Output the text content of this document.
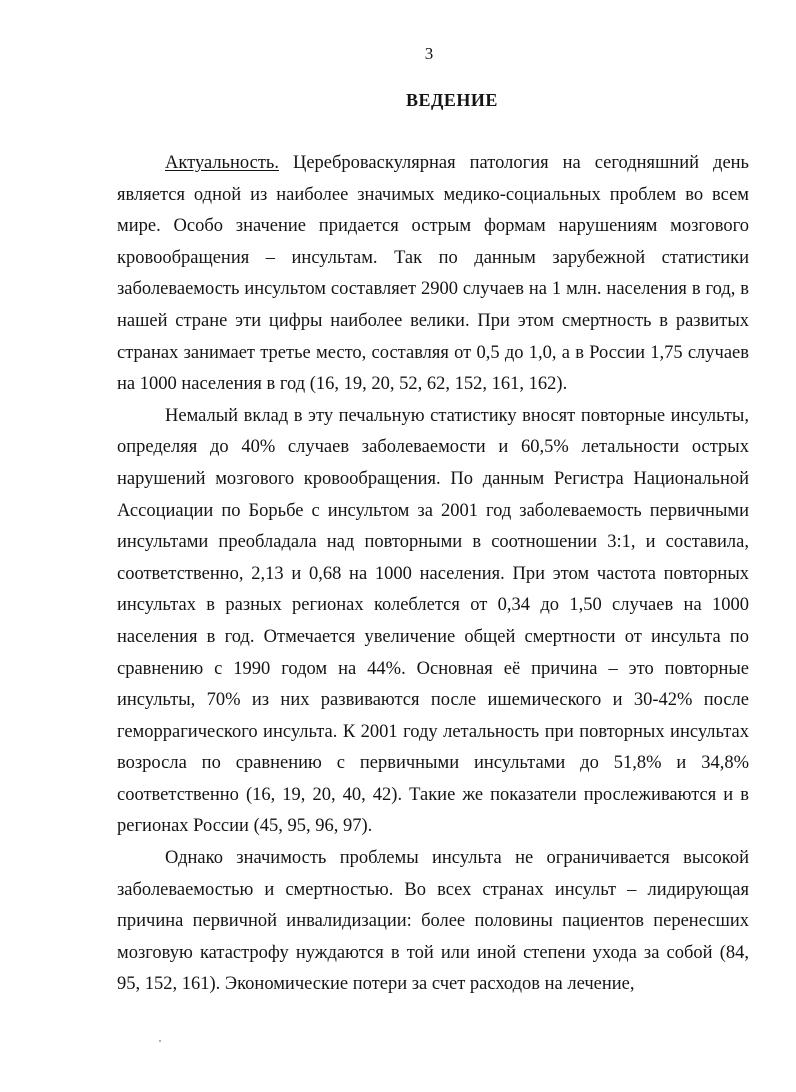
3
ВЕДЕНИЕ

Актуальность. Цереброваскулярная патология на сегодняшний день является одной из наиболее значимых медико-социальных проблем во всем мире. Особо значение придается острым формам нарушениям мозгового кровообращения – инсультам. Так по данным зарубежной статистики заболеваемость инсультом составляет 2900 случаев на 1 млн. населения в год, в нашей стране эти цифры наиболее велики. При этом смертность в развитых странах занимает третье место, составляя от 0,5 до 1,0, а в России 1,75 случаев на 1000 населения в год (16, 19, 20, 52, 62, 152, 161, 162).

Немалый вклад в эту печальную статистику вносят повторные инсульты, определяя до 40% случаев заболеваемости и 60,5% летальности острых нарушений мозгового кровообращения. По данным Регистра Национальной Ассоциации по Борьбе с инсультом за 2001 год заболеваемость первичными инсультами преобладала над повторными в соотношении 3:1, и составила, соответственно, 2,13 и 0,68 на 1000 населения. При этом частота повторных инсультах в разных регионах колеблется от 0,34 до 1,50 случаев на 1000 населения в год. Отмечается увеличение общей смертности от инсульта по сравнению с 1990 годом на 44%. Основная её причина – это повторные инсульты, 70% из них развиваются после ишемического и 30-42% после геморрагического инсульта. К 2001 году летальность при повторных инсультах возросла по сравнению с первичными инсультами до 51,8% и 34,8% соответственно (16, 19, 20, 40, 42). Такие же показатели прослеживаются и в регионах России (45, 95, 96, 97).

Однако значимость проблемы инсульта не ограничивается высокой заболеваемостью и смертностью. Во всех странах инсульт – лидирующая причина первичной инвалидизации: более половины пациентов перенесших мозговую катастрофу нуждаются в той или иной степени ухода за собой (84, 95, 152, 161). Экономические потери за счет расходов на лечение,
